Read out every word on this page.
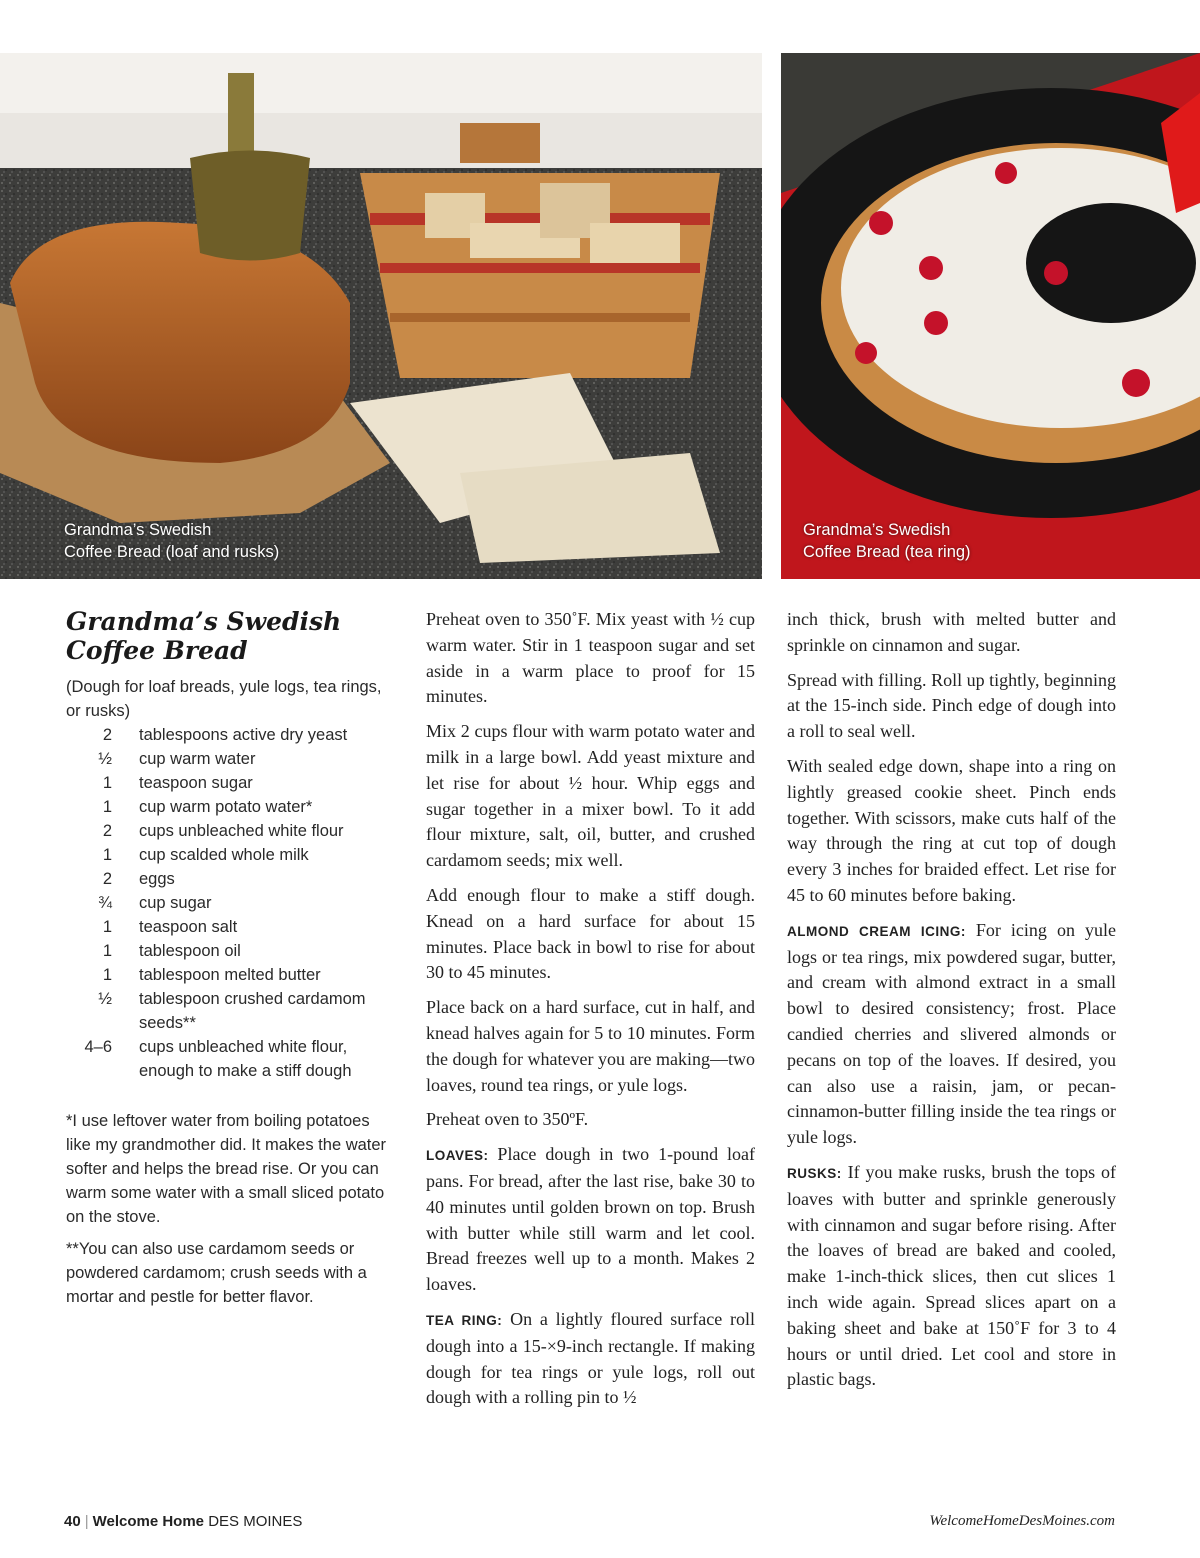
Grandma’s Swedish
Coffee Bread (loaf and rusks)
Grandma’s Swedish
Coffee Bread (tea ring)
Grandma’s Swedish
Coffee Bread
(Dough for loaf breads, yule logs, tea rings, or rusks)
2 tablespoons active dry yeast
½ cup warm water
1 teaspoon sugar
1 cup warm potato water*
2 cups unbleached white flour
1 cup scalded whole milk
2 eggs
¾ cup sugar
1 teaspoon salt
1 tablespoon oil
1 tablespoon melted butter
½ tablespoon crushed cardamom seeds**
4–6 cups unbleached white flour, enough to make a stiff dough

*I use leftover water from boiling potatoes like my grandmother did. It makes the water softer and helps the bread rise. Or you can warm some water with a small sliced potato on the stove.

**You can also use cardamom seeds or powdered cardamom; crush seeds with a mortar and pestle for better flavor.

Preheat oven to 350˚F. Mix yeast with ½ cup warm water. Stir in 1 teaspoon sugar and set aside in a warm place to proof for 15 minutes.

Mix 2 cups flour with warm potato water and milk in a large bowl. Add yeast mixture and let rise for about ½ hour. Whip eggs and sugar together in a mixer bowl. To it add flour mixture, salt, oil, butter, and crushed cardamom seeds; mix well.

Add enough flour to make a stiff dough. Knead on a hard surface for about 15 minutes. Place back in bowl to rise for about 30 to 45 minutes.

Place back on a hard surface, cut in half, and knead halves again for 5 to 10 minutes. Form the dough for whatever you are making—two loaves, round tea rings, or yule logs.

Preheat oven to 350ºF.

LOAVES: Place dough in two 1-pound loaf pans. For bread, after the last rise, bake 30 to 40 minutes until golden brown on top. Brush with butter while still warm and let cool. Bread freezes well up to a month. Makes 2 loaves.

TEA RING: On a lightly floured surface roll dough into a 15-×9-inch rectangle. If making dough for tea rings or yule logs, roll out dough with a rolling pin to ½

inch thick, brush with melted butter and sprinkle on cinnamon and sugar.

Spread with filling. Roll up tightly, beginning at the 15-inch side. Pinch edge of dough into a roll to seal well.

With sealed edge down, shape into a ring on lightly greased cookie sheet. Pinch ends together. With scissors, make cuts half of the way through the ring at cut top of dough every 3 inches for braided effect. Let rise for 45 to 60 minutes before baking.

ALMOND CREAM ICING: For icing on yule logs or tea rings, mix powdered sugar, butter, and cream with almond extract in a small bowl to desired consistency; frost. Place candied cherries and slivered almonds or pecans on top of the loaves. If desired, you can also use a raisin, jam, or pecan-cinnamon-butter filling inside the tea rings or yule logs.

RUSKS: If you make rusks, brush the tops of loaves with butter and sprinkle generously with cinnamon and sugar before rising. After the loaves of bread are baked and cooled, make 1-inch-thick slices, then cut slices 1 inch wide again. Spread slices apart on a baking sheet and bake at 150˚F for 3 to 4 hours or until dried. Let cool and store in plastic bags.

40 | Welcome Home DES MOINES	WelcomeHomeDesMoines.com
